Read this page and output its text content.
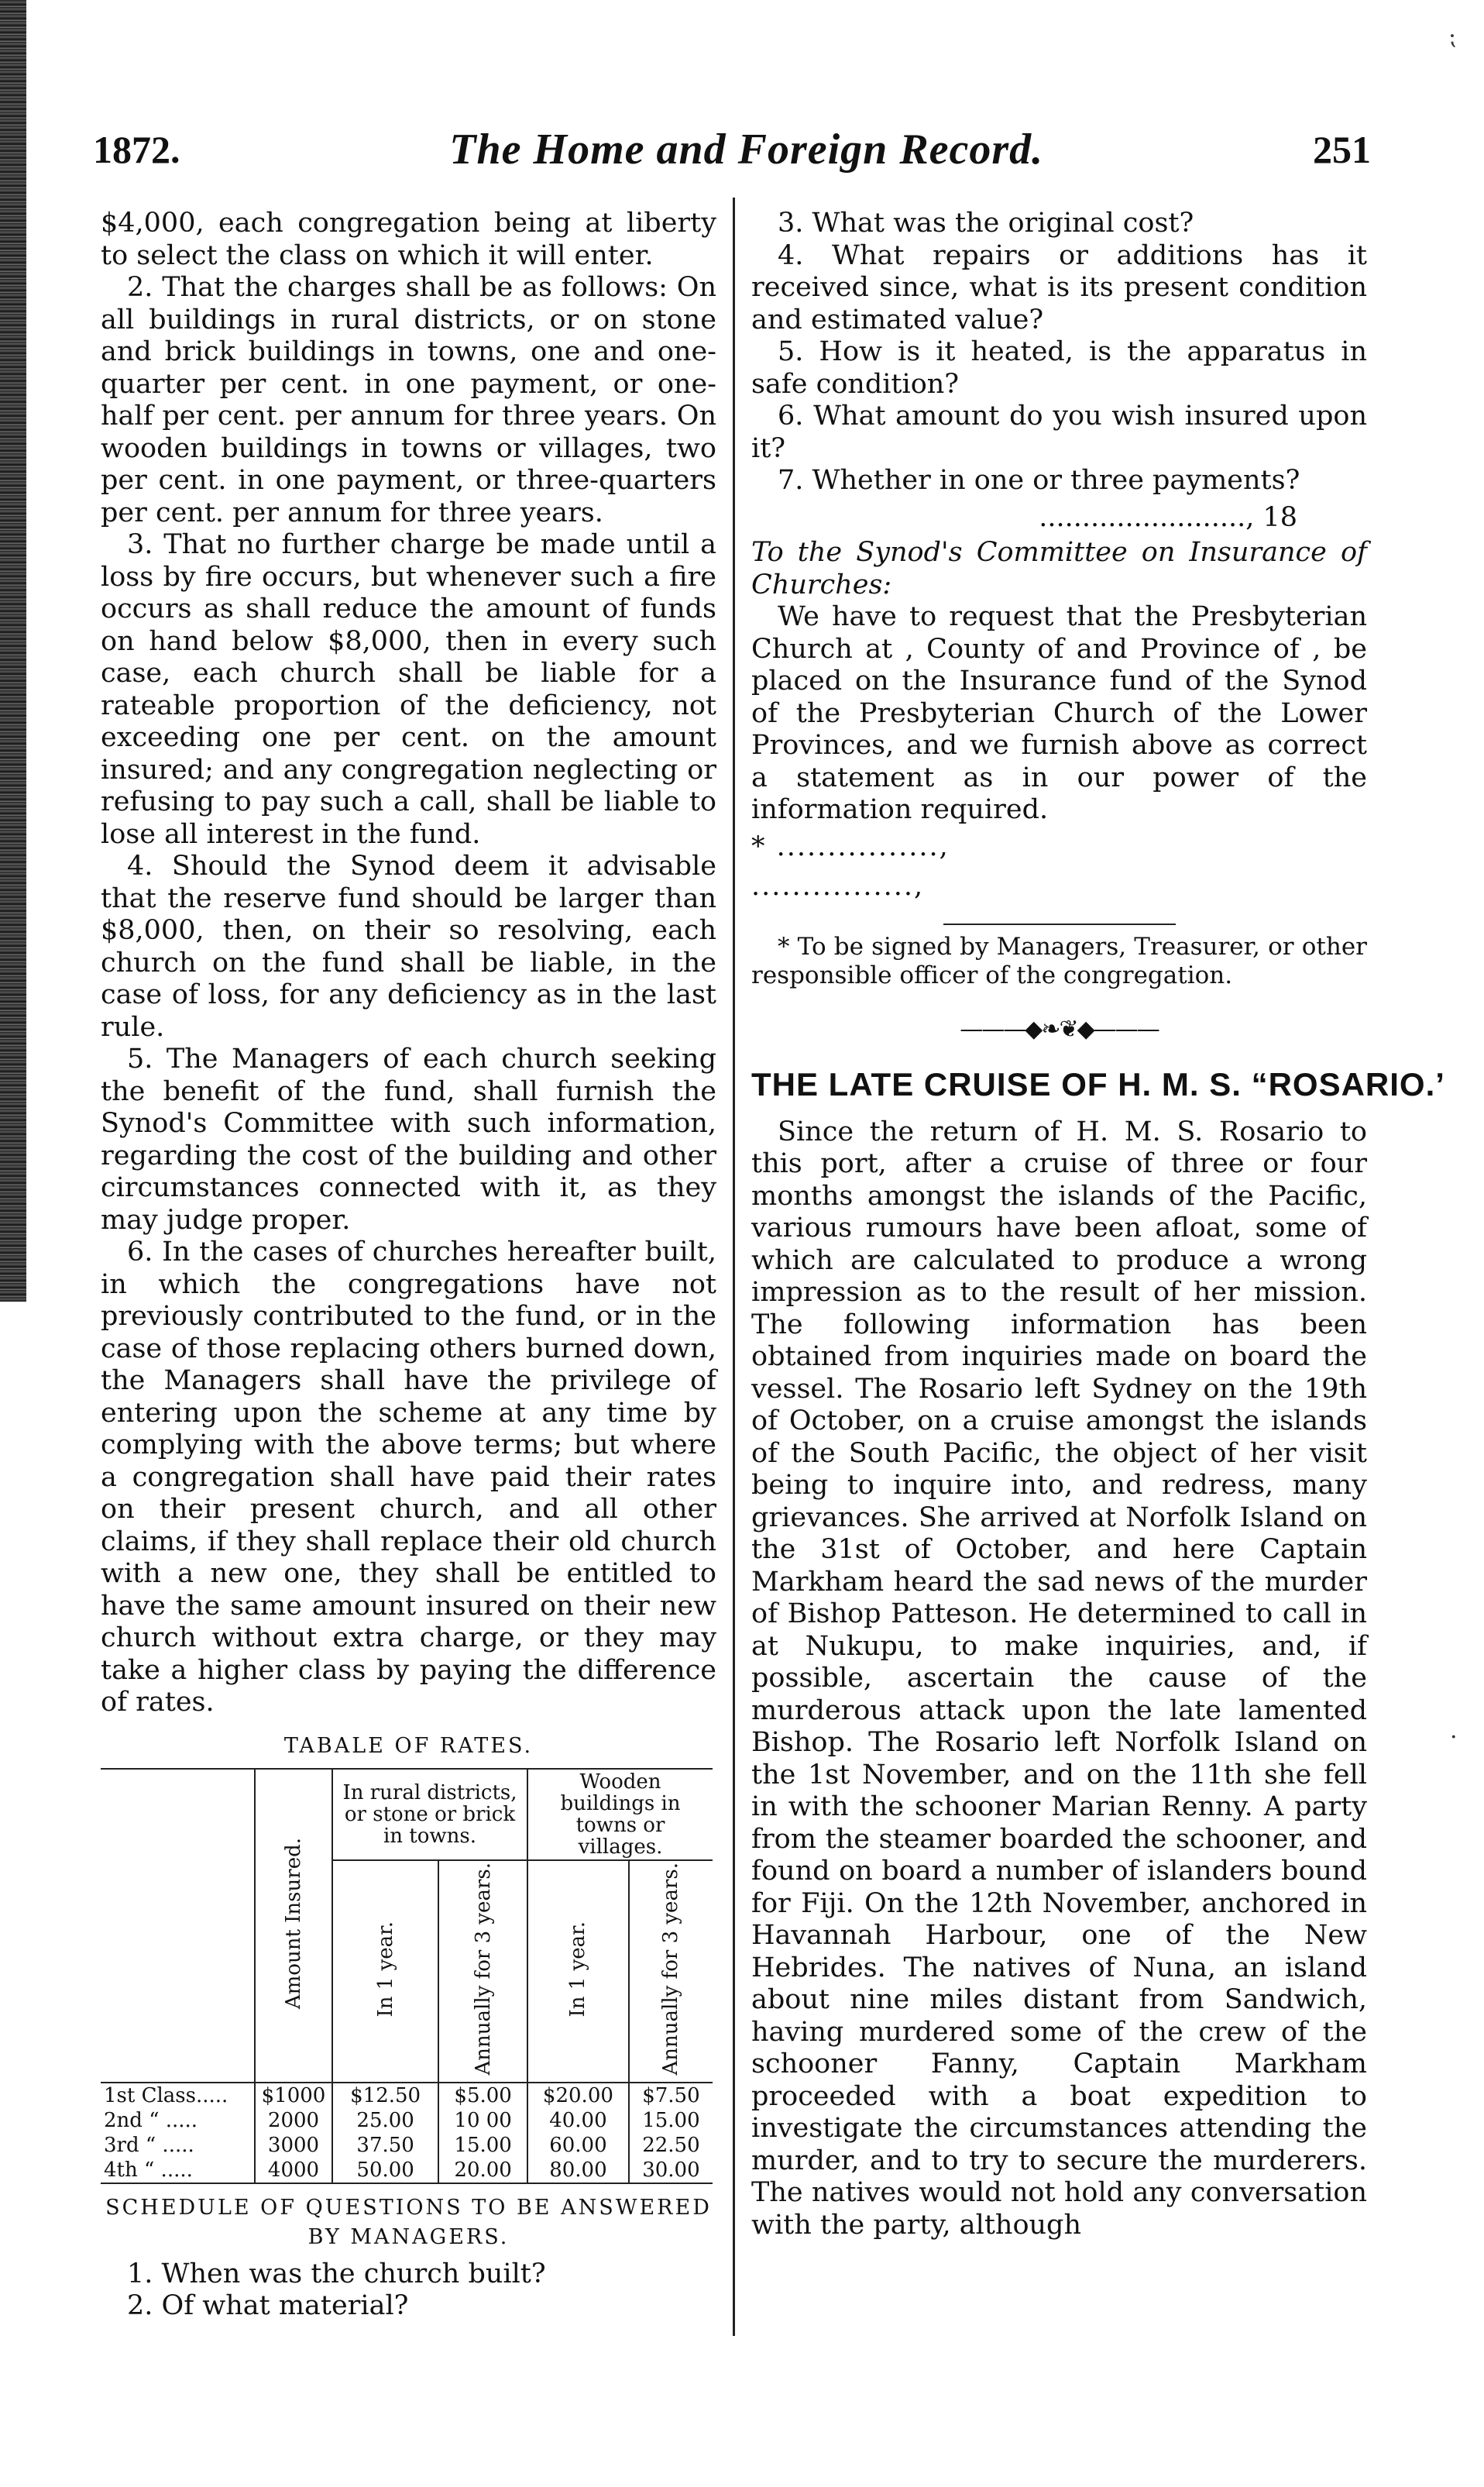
1872.	The Home and Foreign Record.	251

$4,000, each congregation being at liberty to select the class on which it will enter.

2. That the charges shall be as follows: On all buildings in rural districts, or on stone and brick buildings in towns, one and one-quarter per cent. in one payment, or one-half per cent. per annum for three years. On wooden buildings in towns or villages, two per cent. in one payment, or three-quarters per cent. per annum for three years.

3. That no further charge be made until a loss by fire occurs, but whenever such a fire occurs as shall reduce the amount of funds on hand below $8,000, then in every such case, each church shall be liable for a rateable proportion of the deficiency, not exceeding one per cent. on the amount insured; and any congregation neglecting or refusing to pay such a call, shall be liable to lose all interest in the fund.

4. Should the Synod deem it advisable that the reserve fund should be larger than $8,000, then, on their so resolving, each church on the fund shall be liable, in the case of loss, for any deficiency as in the last rule.

5. The Managers of each church seeking the benefit of the fund, shall furnish the Synod's Committee with such information, regarding the cost of the building and other circumstances connected with it, as they may judge proper.

6. In the cases of churches hereafter built, in which the congregations have not previously contributed to the fund, or in the case of those replacing others burned down, the Managers shall have the privilege of entering upon the scheme at any time by complying with the above terms; but where a congregation shall have paid their rates on their present church, and all other claims, if they shall replace their old church with a new one, they shall be entitled to have the same amount insured on their new church without extra charge, or they may take a higher class by paying the difference of rates.

TABALE OF RATES.
	Amount Insured.	In rural districts, or stone or brick in towns.		Wooden buildings in towns or villages.	
		In 1 year.	Annually for 3 years.	In 1 year.	Annually for 3 years.
1st Class.....	$1000	$12.50	$5.00	$20.00	$7.50
2nd “ .....	2000	25.00	10 00	40.00	15.00
3rd “ .....	3000	37.50	15.00	60.00	22.50
4th “ .....	4000	50.00	20.00	80.00	30.00
SCHEDULE OF QUESTIONS TO BE ANSWERED BY MANAGERS.

1. When was the church built?

2. Of what material?

3. What was the original cost?

4. What repairs or additions has it received since, what is its present condition and estimated value?

5. How is it heated, is the apparatus in safe condition?

6. What amount do you wish insured upon it?

7. Whether in one or three payments?

........................, 18

To the Synod's Committee on Insurance of Churches:

We have to request that the Presbyterian Church at , County of and Province of , be placed on the Insurance fund of the Synod of the Presbyterian Church of the Lower Provinces, and we furnish above as correct a statement as in our power of the information required.

* ................,

................,

* To be signed by Managers, Treasurer, or other responsible officer of the congregation.

———◆❧❦◆———
THE LATE CRUISE OF H. M. S. “ROSARIO.’

Since the return of H. M. S. Rosario to this port, after a cruise of three or four months amongst the islands of the Pacific, various rumours have been afloat, some of which are calculated to produce a wrong impression as to the result of her mission. The following information has been obtained from inquiries made on board the vessel. The Rosario left Sydney on the 19th of October, on a cruise amongst the islands of the South Pacific, the object of her visit being to inquire into, and redress, many grievances. She arrived at Norfolk Island on the 31st of October, and here Captain Markham heard the sad news of the murder of Bishop Patteson. He determined to call in at Nukupu, to make inquiries, and, if possible, ascertain the cause of the murderous attack upon the late lamented Bishop. The Rosario left Norfolk Island on the 1st November, and on the 11th she fell in with the schooner Marian Renny. A party from the steamer boarded the schooner, and found on board a number of islanders bound for Fiji. On the 12th November, anchored in Havannah Harbour, one of the New Hebrides. The natives of Nuna, an island about nine miles distant from Sandwich, having murdered some of the crew of the schooner Fanny, Captain Markham proceeded with a boat expedition to investigate the circumstances attending the murder, and to try to secure the murderers. The natives would not hold any conversation with the party, although

⁏
·
